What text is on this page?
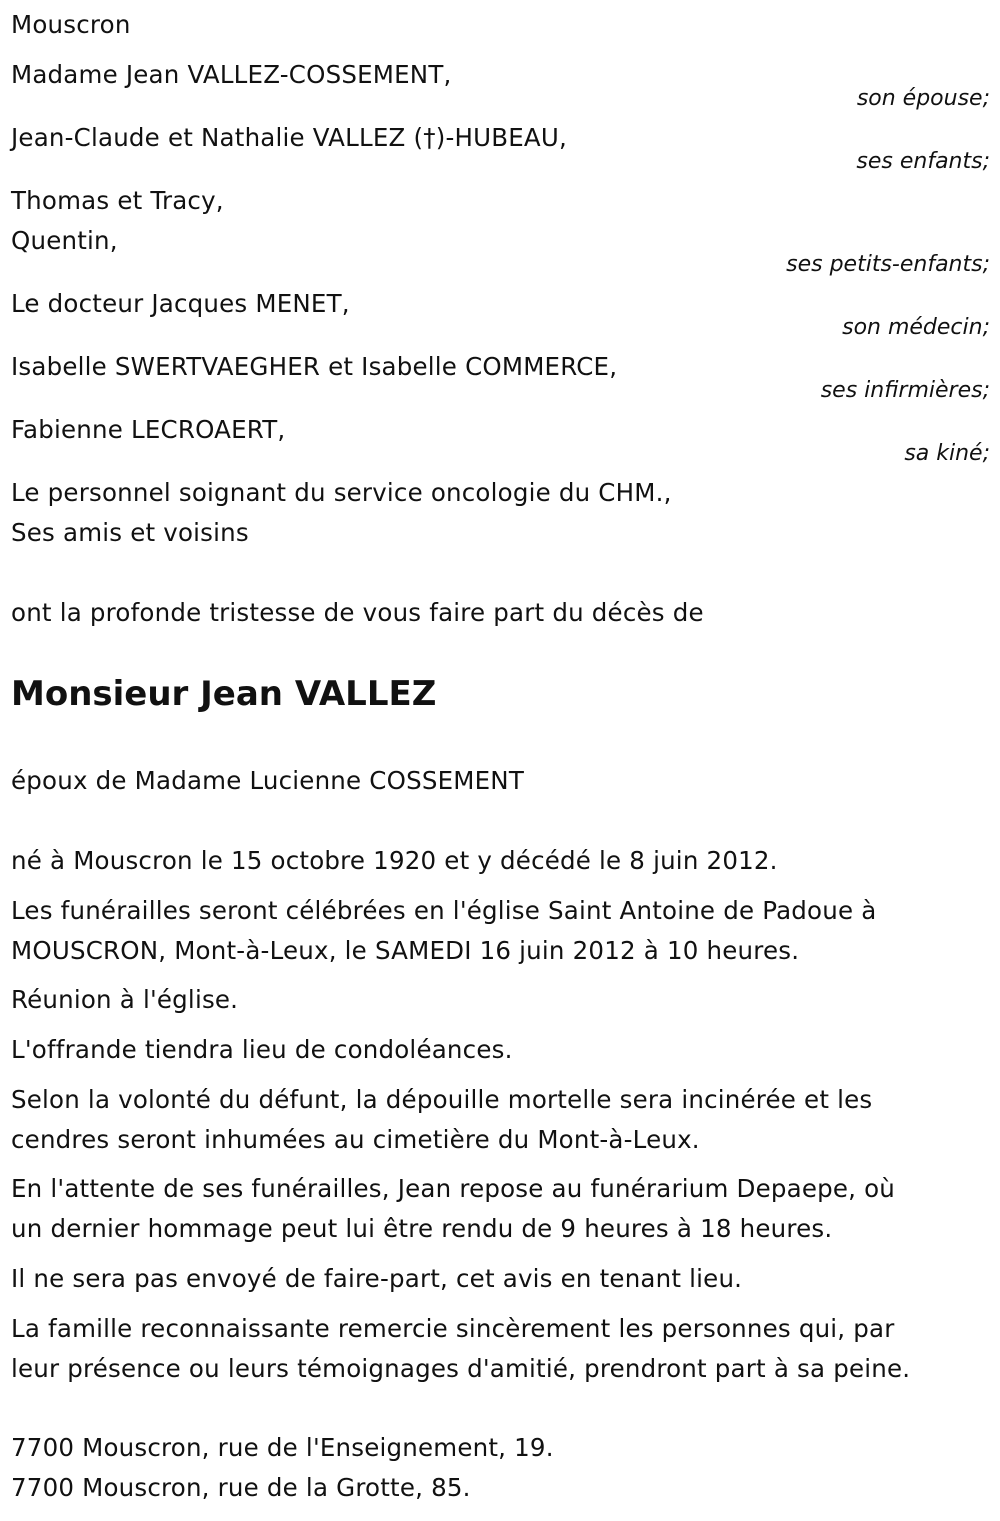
Mouscron
Madame Jean VALLEZ-COSSEMENT,
son épouse;
Jean-Claude et Nathalie VALLEZ (†)-HUBEAU,
ses enfants;
Thomas et Tracy,
Quentin,
ses petits-enfants;
Le docteur Jacques MENET,
son médecin;
Isabelle SWERTVAEGHER et Isabelle COMMERCE,
ses infirmières;
Fabienne LECROAERT,
sa kiné;
Le personnel soignant du service oncologie du CHM.,
Ses amis et voisins
ont la profonde tristesse de vous faire part du décès de
Monsieur Jean VALLEZ
époux de Madame Lucienne COSSEMENT
né à Mouscron le 15 octobre 1920 et y décédé le 8 juin 2012.
Les funérailles seront célébrées en l'église Saint Antoine de Padoue à
MOUSCRON, Mont-à-Leux, le SAMEDI 16 juin 2012 à 10 heures.
Réunion à l'église.
L'offrande tiendra lieu de condoléances.
Selon la volonté du défunt, la dépouille mortelle sera incinérée et les
cendres seront inhumées au cimetière du Mont-à-Leux.
En l'attente de ses funérailles, Jean repose au funérarium Depaepe, où
un dernier hommage peut lui être rendu de 9 heures à 18 heures.
Il ne sera pas envoyé de faire-part, cet avis en tenant lieu.
La famille reconnaissante remercie sincèrement les personnes qui, par
leur présence ou leurs témoignages d'amitié, prendront part à sa peine.
7700 Mouscron, rue de l'Enseignement, 19.
7700 Mouscron, rue de la Grotte, 85.
